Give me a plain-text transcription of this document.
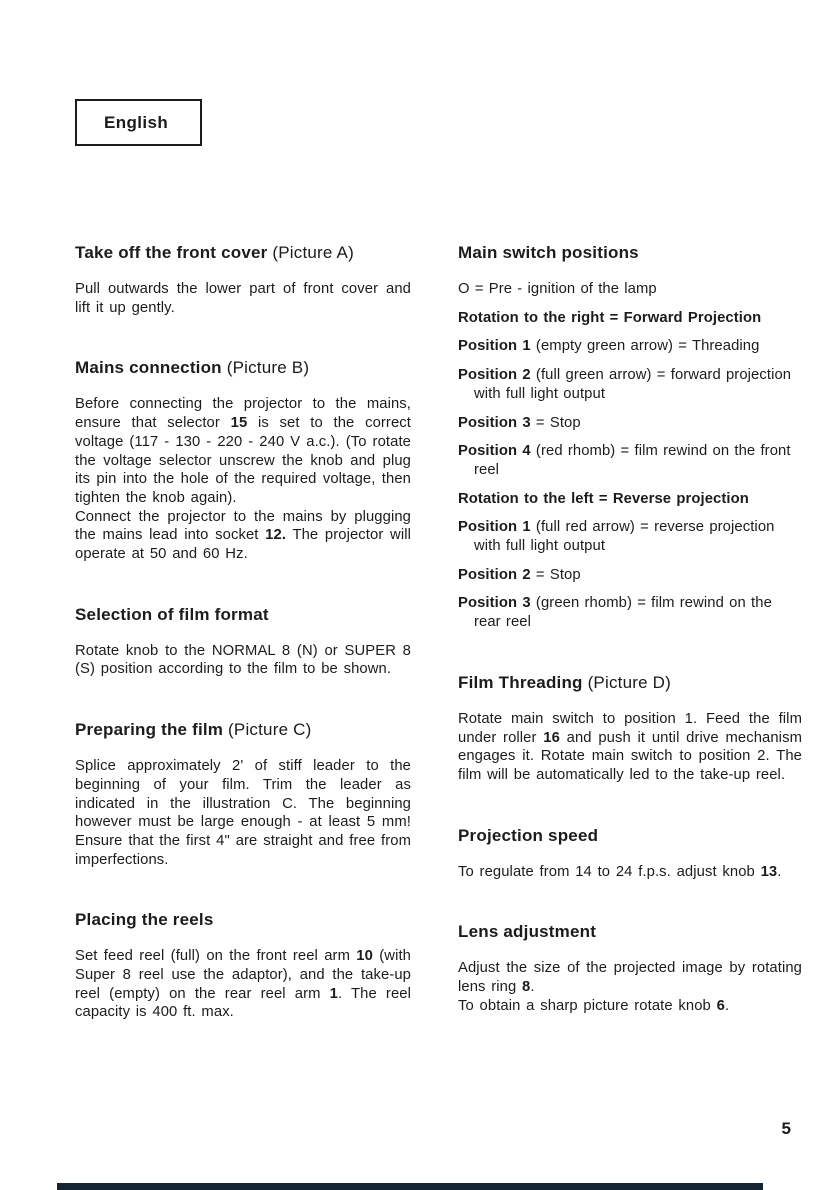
English
Take off the front cover (Picture A)

Pull outwards the lower part of front cover and lift it up gently.

Mains connection (Picture B)

Before connecting the projector to the mains, ensure that selector 15 is set to the correct voltage (117 - 130 - 220 - 240 V a.c.). (To rotate the voltage selector unscrew the knob and plug its pin into the hole of the required voltage, then tighten the knob again).

Connect the projector to the mains by plugging the mains lead into socket 12. The projector will operate at 50 and 60 Hz.

Selection of film format

Rotate knob to the NORMAL 8 (N) or SUPER 8 (S) position according to the film to be shown.

Preparing the film (Picture C)

Splice approximately 2' of stiff leader to the beginning of your film. Trim the leader as indicated in the illustration C. The beginning however must be large enough - at least 5 mm! Ensure that the first 4" are straight and free from imperfections.

Placing the reels

Set feed reel (full) on the front reel arm 10 (with Super 8 reel use the adaptor), and the take-up reel (empty) on the rear reel arm 1. The reel capacity is 400 ft. max.

Main switch positions

O = Pre - ignition of the lamp

Rotation to the right = Forward Projection

Position 1 (empty green arrow) = Threading

Position 2 (full green arrow) = forward projection with full light output

Position 3 = Stop

Position 4 (red rhomb) = film rewind on the front reel

Rotation to the left = Reverse projection

Position 1 (full red arrow) = reverse projection with full light output

Position 2 = Stop

Position 3 (green rhomb) = film rewind on the rear reel

Film Threading (Picture D)

Rotate main switch to position 1. Feed the film under roller 16 and push it until drive mechanism engages it. Rotate main switch to position 2. The film will be automatically led to the take-up reel.

Projection speed

To regulate from 14 to 24 f.p.s. adjust knob 13.

Lens adjustment

Adjust the size of the projected image by rotating lens ring 8.

To obtain a sharp picture rotate knob 6.

5
